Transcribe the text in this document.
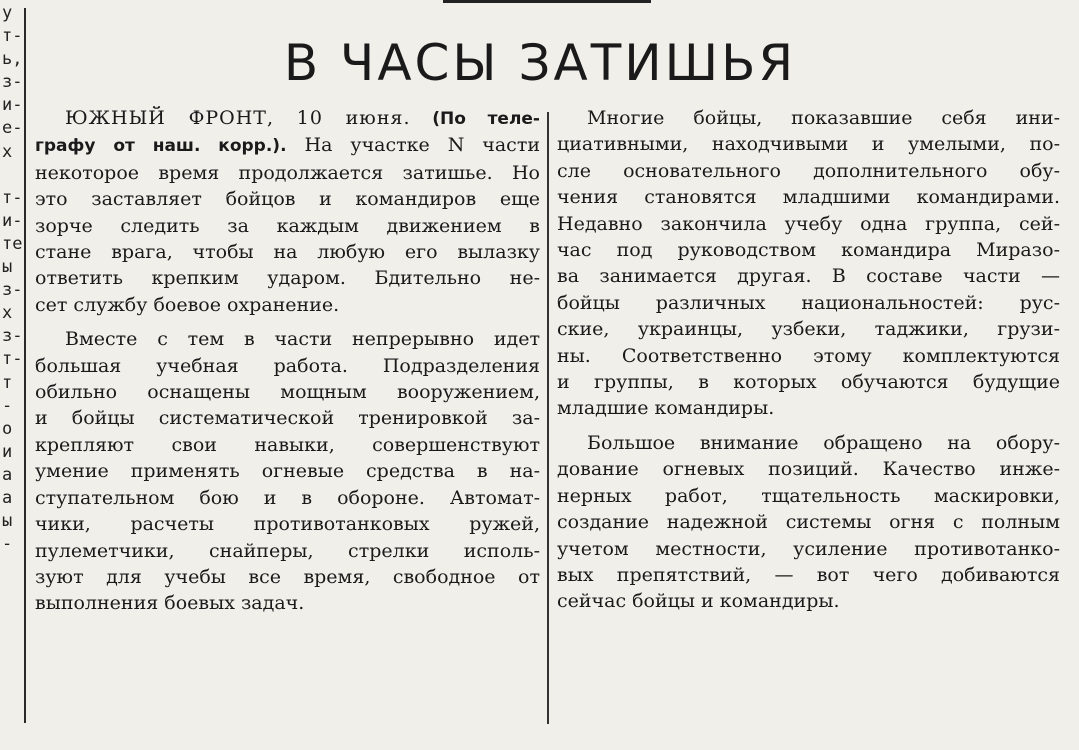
у
т-
ь,
з-
и-
е-
х
т-
и-
те
ы
з-
х
з-
т-
т
-
о
и
а
а
ы
-
В ЧАСЫ ЗАТИШЬЯ

ЮЖНЫЙ ФРОНТ, 10 июня. (По теле-
графу от наш. корр.). На участке N части
некоторое время продолжается затишье. Но
это заставляет бойцов и командиров еще
зорче следить за каждым движением в
стане врага, чтобы на любую его вылазку
ответить крепким ударом. Бдительно не-
сет службу боевое охранение.

Вместе с тем в части непрерывно идет
большая учебная работа. Подразделения
обильно оснащены мощным вооружением,
и бойцы систематической тренировкой за-
крепляют свои навыки, совершенствуют
умение применять огневые средства в на-
ступательном бою и в обороне. Автомат-
чики, расчеты противотанковых ружей,
пулеметчики, снайперы, стрелки исполь-
зуют для учебы все время, свободное от
выполнения боевых задач.

Многие бойцы, показавшие себя ини-
циативными, находчивыми и умелыми, по-
сле основательного дополнительного обу-
чения становятся младшими командирами.
Недавно закончила учебу одна группа, сей-
час под руководством командира Миразо-
ва занимается другая. В составе части —
бойцы различных национальностей: рус-
ские, украинцы, узбеки, таджики, грузи-
ны. Соответственно этому комплектуются
и группы, в которых обучаются будущие
младшие командиры.

Большое внимание обращено на обору-
дование огневых позиций. Качество инже-
нерных работ, тщательность маскировки,
создание надежной системы огня с полным
учетом местности, усиление противотанко-
вых препятствий, — вот чего добиваются
сейчас бойцы и командиры.
